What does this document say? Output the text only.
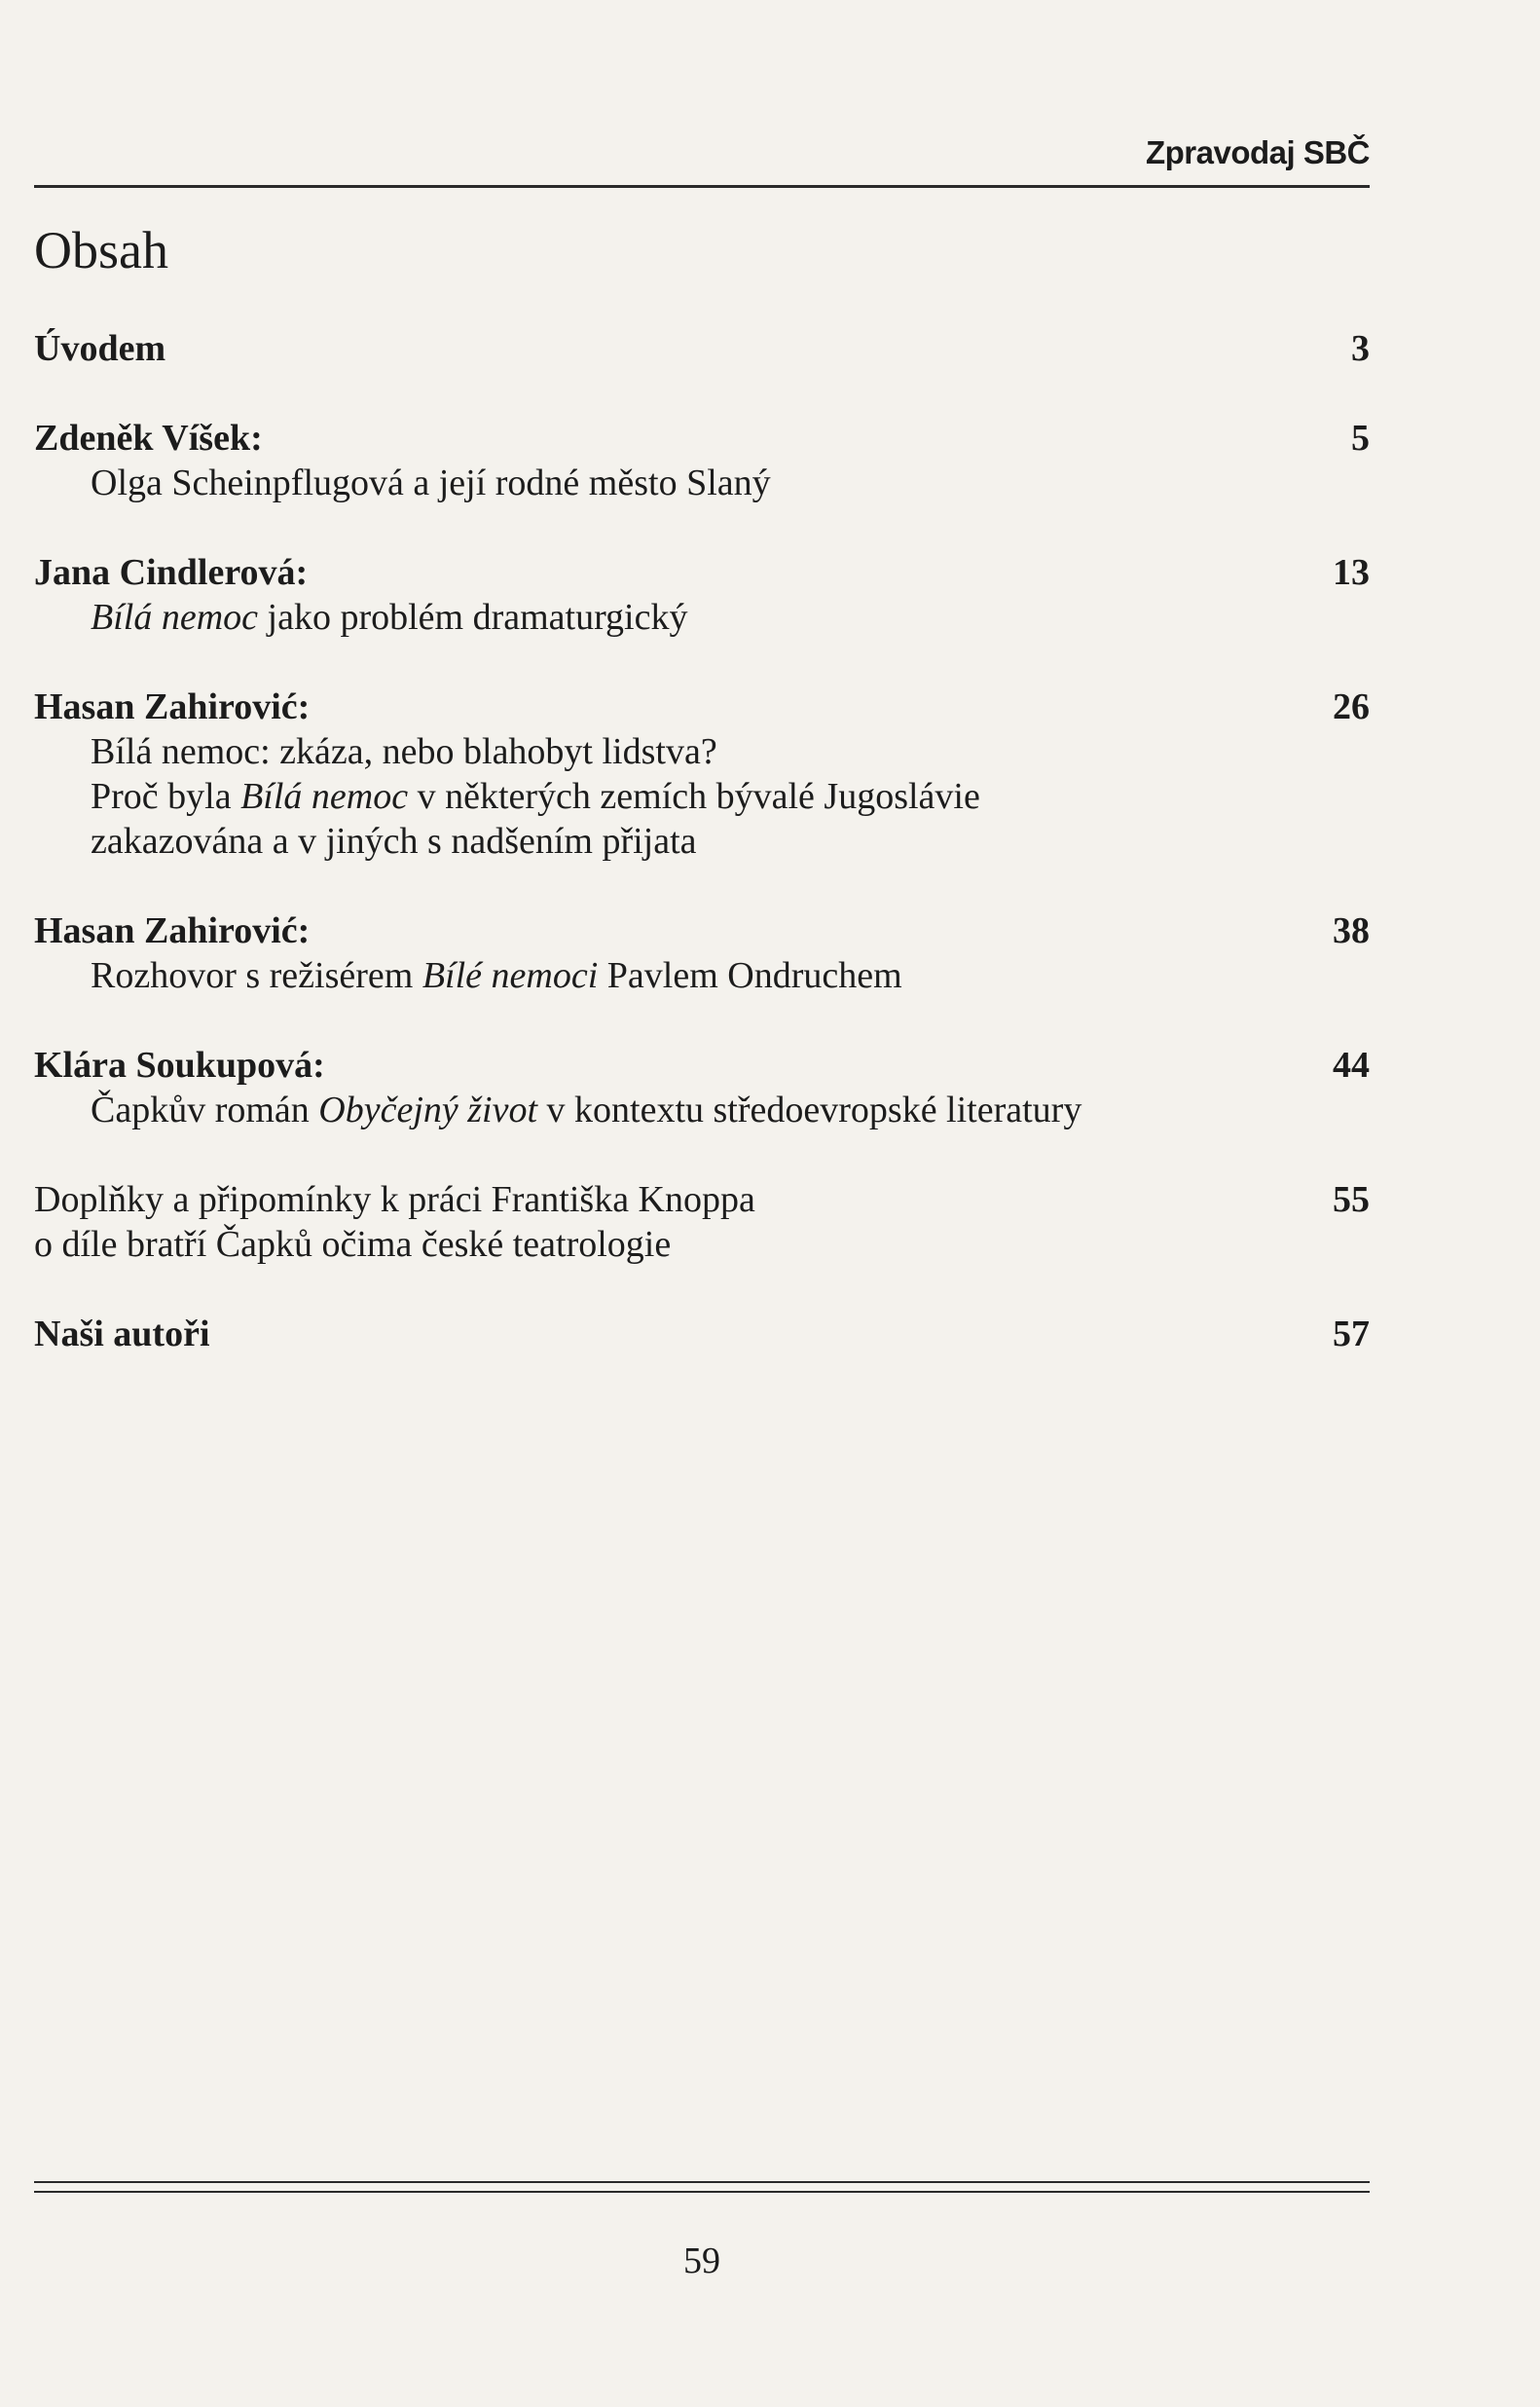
Zpravodaj SBČ
Obsah
Úvodem	3
Zdeněk Víšek:	5
Olga Scheinpflugová a její rodné město Slaný
Jana Cindlerová:	13
Bílá nemoc jako problém dramaturgický
Hasan Zahirović:	26
Bílá nemoc: zkáza, nebo blahobyt lidstva?
Proč byla Bílá nemoc v některých zemích bývalé Jugoslávie
zakazována a v jiných s nadšením přijata
Hasan Zahirović:	38
Rozhovor s režisérem Bílé nemoci Pavlem Ondruchem
Klára Soukupová:	44
Čapkův román Obyčejný život v kontextu středoevropské literatury
Doplňky a připomínky k práci Františka Knoppa	55
o díle bratří Čapků očima české teatrologie
Naši autoři	57
59
